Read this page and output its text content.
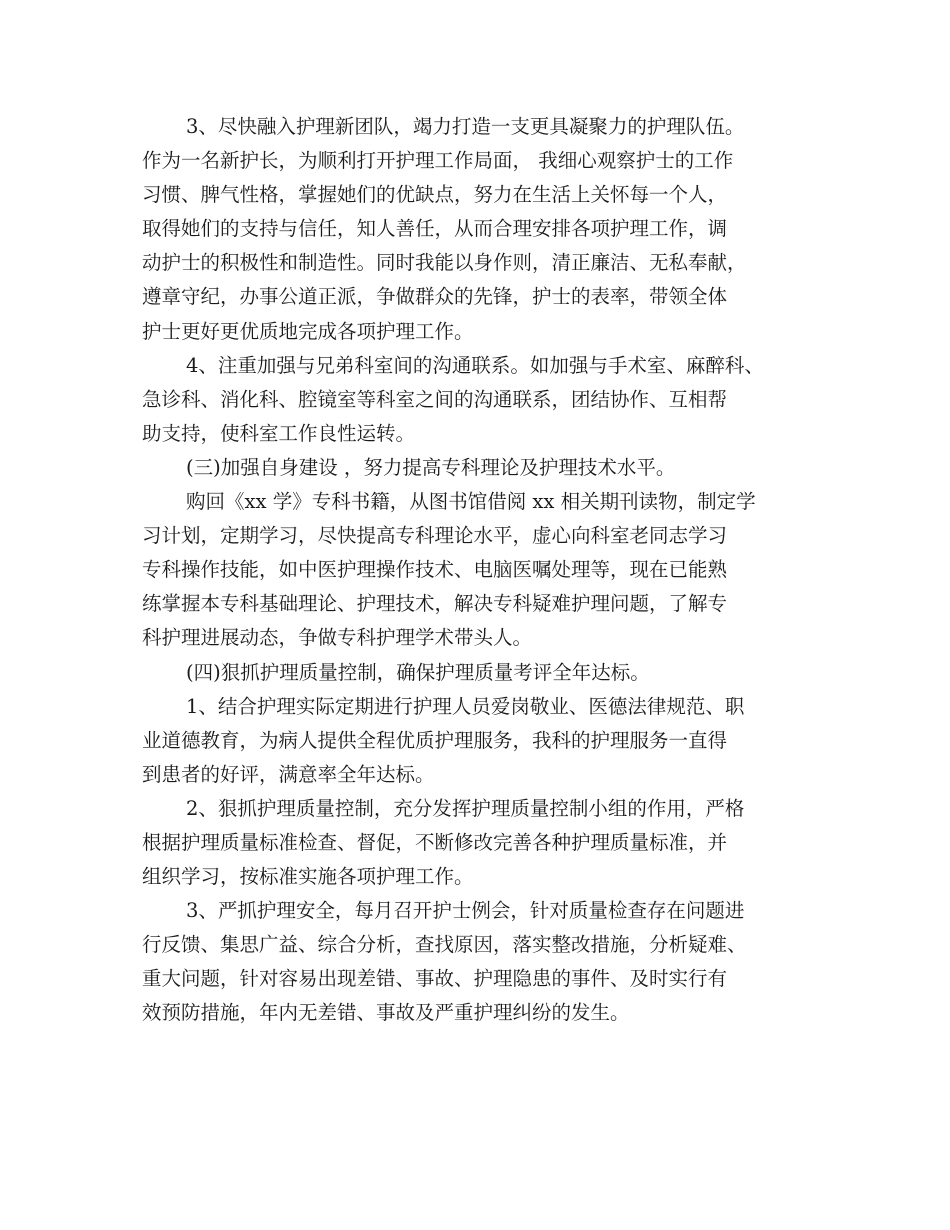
3、尽快融入护理新团队，竭力打造一支更具凝聚力的护理队伍。
作为一名新护长，为顺利打开护理工作局面， 我细心观察护士的工作
习惯、脾气性格，掌握她们的优缺点，努力在生活上关怀每一个人，
取得她们的支持与信任，知人善任，从而合理安排各项护理工作，调
动护士的积极性和制造性。同时我能以身作则，清正廉洁、无私奉献，
遵章守纪，办事公道正派，争做群众的先锋，护士的表率，带领全体
护士更好更优质地完成各项护理工作。
4、注重加强与兄弟科室间的沟通联系。如加强与手术室、麻醉科、
急诊科、消化科、腔镜室等科室之间的沟通联系，团结协作、互相帮
助支持，使科室工作良性运转。
(三)加强自身建设 ，努力提高专科理论及护理技术水平。
购回《xx 学》专科书籍，从图书馆借阅 xx 相关期刊读物，制定学
习计划，定期学习，尽快提高专科理论水平，虚心向科室老同志学习
专科操作技能，如中医护理操作技术、电脑医嘱处理等，现在已能熟
练掌握本专科基础理论、护理技术，解决专科疑难护理问题，了解专
科护理进展动态，争做专科护理学术带头人。
(四)狠抓护理质量控制，确保护理质量考评全年达标。
1、结合护理实际定期进行护理人员爱岗敬业、医德法律规范、职
业道德教育，为病人提供全程优质护理服务，我科的护理服务一直得
到患者的好评，满意率全年达标。
2、狠抓护理质量控制，充分发挥护理质量控制小组的作用，严格
根据护理质量标准检查、督促，不断修改完善各种护理质量标准，并
组织学习，按标准实施各项护理工作。
3、严抓护理安全，每月召开护士例会，针对质量检查存在问题进
行反馈、集思广益、综合分析，查找原因，落实整改措施，分析疑难、
重大问题，针对容易出现差错、事故、护理隐患的事件、及时实行有
效预防措施，年内无差错、事故及严重护理纠纷的发生。
